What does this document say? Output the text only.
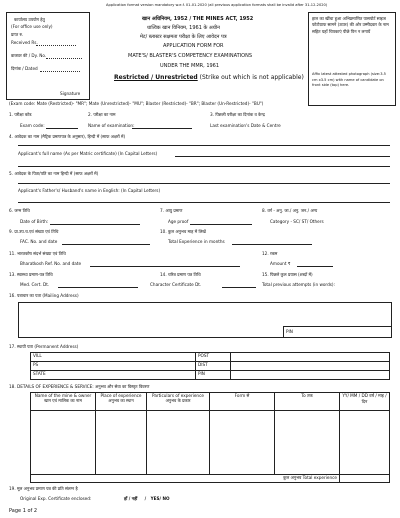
Application format version mandatory w.e.f. 01-01-2020 (all previous application formats shall be invalid after 31-12-2020)
कार्यालय उपयोग हेतु
(For office use only)
प्राप्त रु.
Received Rs.
डाकघर की / Dy. No.
दिनांक / Dated
Signature
खान अधिनियम, 1952 / THE MINES ACT, 1952
धात्विक खान विनियम, 1961 के अधीन
मेट/ ब्लास्टर सक्षमता परीक्षा के लिए आवेदन पत्र
APPLICATION FORM FOR
MATE'S/ BLASTER'S COMPETENCY EXAMINATIONS
UNDER THE MMR, 1961
Restricted / Unrestricted (Strike out which is not applicable)
हाल का खींचा हुआ अभिप्रमाणित पासपोर्ट साइज फोटोग्राफ सामने (ऊपर) की ओर उम्मीदवार के नाम सहित यहाँ चिपकाएं पीछे पिन न लगायें
Affix latest attested photograph (size:3.5 cm x3.5 cm) with name of candidate on front side (top) here.
(Exam code: Mate (Restricted)- "MR"; Mate (Unrestricted)- "MU"; Blaster (Restricted)- "BR"; Blaster (Un-Restricted)- "BU")
1. परीक्षा कोड	2. परीक्षा का नाम	3. पिछली परीक्षा का दिनांक व केन्द्र
Exam code:	Name of examination:	Last examination's Date & Centre
4. आवेदक का नाम (मैट्रिक प्रमाणपत्र के अनुसार), हिन्दी में (साफ अक्षरों में)
Applicant's full name (As per Matric certificate) (In Capital Letters)
5. आवेदक के पिता/पति का नाम हिन्दी में (साफ अक्षरों में)
Applicant's Father's/ Husband's name in English: (In Capital Letters)
6. जन्म तिथि	7. आयु प्रमाण	8. वर्ग - अनु. जा./ अनु. जन./ अन्य
Date of Birth:	Age proof	Category - SC/ ST/ Others
9. प्रा.उप.च.एवं संख्या एवं तिथि	10. कुल अनुभव माह में लिखें
FAC. No. and date	Total Experience in months
11. भारतकोष संदर्भ संख्या एवं तिथि	12. रकम
Bharatkosh Ref. No. and date	Amount ₹
13. स्वास्थ्य प्रमाण-पत्र तिथि	14. चरित्र प्रमाण पत्र तिथि	15. पिछले कुल प्रयास (शब्दों में)
Med. Cert. Dt.	Character Certificate Dt.	Total previous attempts (in words):
16. पत्राचार का पता (Mailing Address)
PIN
17. स्थायी पता (Permanent Address)
VILL	POST	
PS	DIST	
STATE	PIN	
18. DETAILS OF EXPERIENCE & SERVICE: अनुभव और सेवा का विस्तृत विवरण
Name of the mine & owner खान एवं मालिक का नाम	Place of experience अनुभव का स्थान	Particulars of experience अनुभव के प्रकार	Form से	To तक	YY/ MM / DD वर्ष / माह / दिन

कुल अनुभव Total experience					
19. मूल अनुभव प्रमाण पत्र की प्रति संलग्न है
Original Exp. Certificate enclosed:	हाँ / नहीं     /   YES/ NO
Page 1 of 2
